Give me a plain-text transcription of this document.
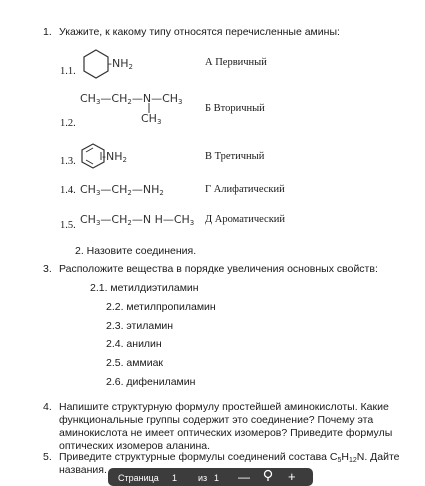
1. Укажите, к какому типу относятся перечисленные амины:
1.1.
$-NH_2$
1.2.
$CH_3—CH_2—N—CH_3$
$CH_3$
1.3. $-NH_2$
1.4. $CH_3—CH_2—NH_2$
1.5. $CH_3—CH_2—N$ $H—CH_3$
А Первичный
Б Вторичный
В Третичный
Г Алифатический
Д Ароматический
2. Назовите соединения.
3. Расположите вещества в порядке увеличения основных свойств:
2.1. метилдиэтиламин
2.2. метилпропиламин
2.3. этиламин
2.4. анилин
2.5. аммиак
2.6. дифениламин
4. Напишите структурную формулу простейшей аминокислоты. Какие функциональные группы содержит это соединение? Почему эта аминокислота не имеет оптических изомеров? Приведите формулы оптических изомеров аланина.
5. Приведите структурные формулы соединений состава $C_5H_{12}N$. Дайте названия.
Страница 1 из 1 —	+
